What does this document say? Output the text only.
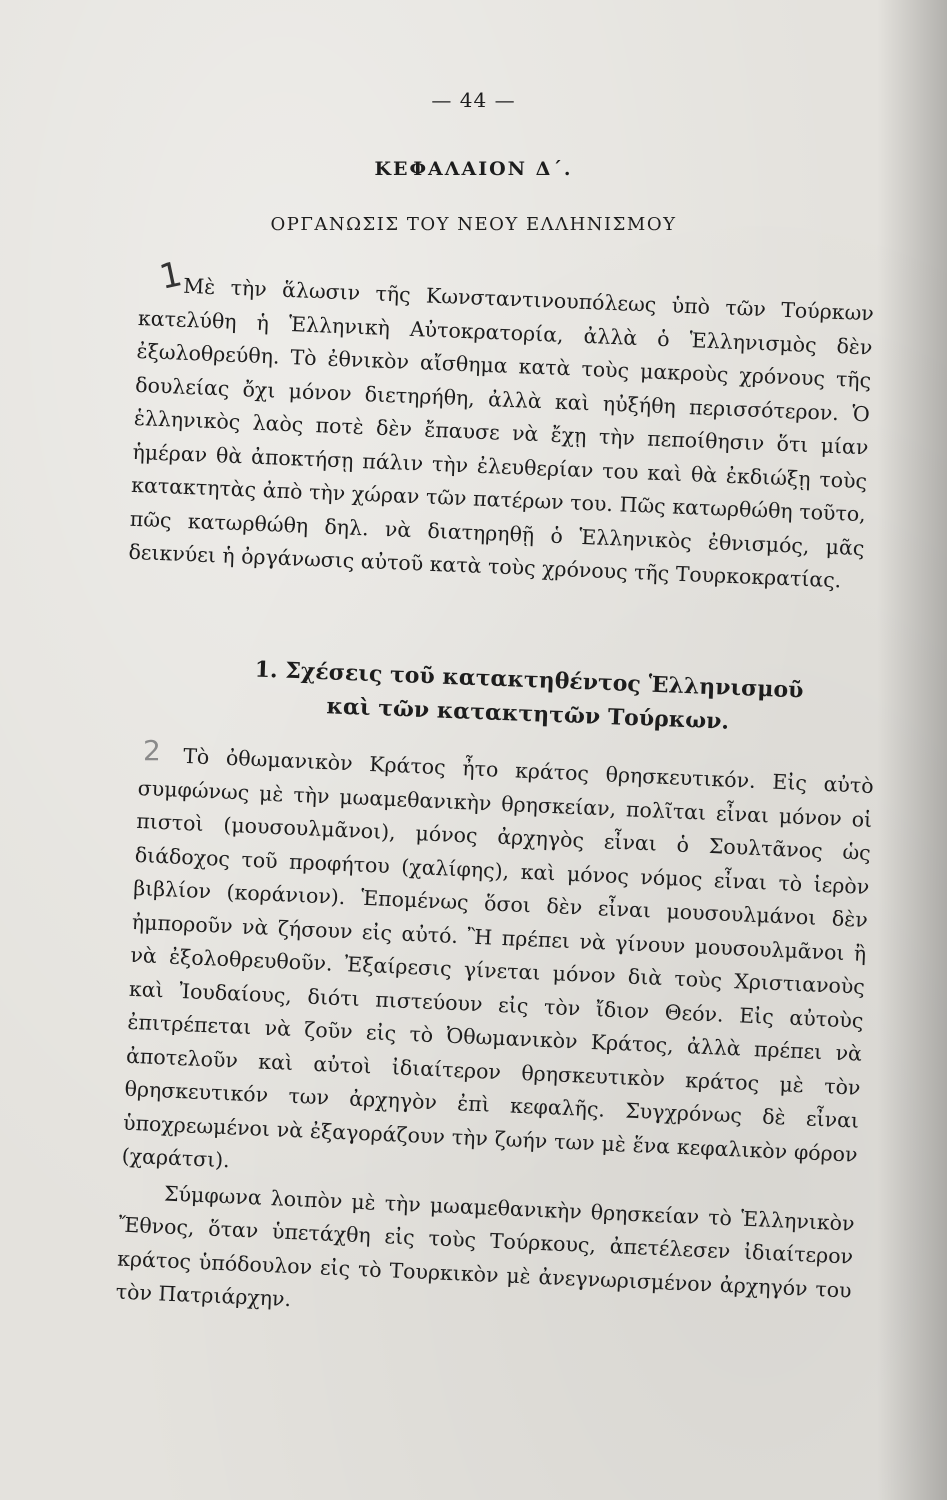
— 44 —
ΚΕΦΑΛΑΙΟΝ Δ΄.
ΟΡΓΑΝΩΣΙΣ ΤΟΥ ΝΕΟΥ ΕΛΛΗΝΙΣΜΟΥ
1

Μὲ τὴν ἅλωσιν τῆς Κωνσταντινουπόλεως ὑπὸ τῶν Τούρκων κατελύθη ἡ Ἑλληνικὴ Αὐτοκρατορία, ἀλλὰ ὁ Ἑλληνισμὸς δὲν ἐξωλοθρεύθη. Τὸ ἐθνικὸν αἴσθημα κατὰ τοὺς μακροὺς χρόνους τῆς δουλείας ὄχι μόνον διετηρήθη, ἀλλὰ καὶ ηὐξήθη περισσότερον. Ὁ ἑλληνικὸς λαὸς ποτὲ δὲν ἔπαυσε νὰ ἔχῃ τὴν πεποίθησιν ὅτι μίαν ἡμέραν θὰ ἀποκτήσῃ πάλιν τὴν ἐλευθερίαν του καὶ θὰ ἐκδιώξῃ τοὺς κατακτητὰς ἀπὸ τὴν χώραν τῶν πατέρων του. Πῶς κατωρθώθη τοῦτο, πῶς κατωρθώθη δηλ. νὰ διατηρηθῇ ὁ Ἑλληνικὸς ἐθνισμός, μᾶς δεικνύει ἡ ὀργάνωσις αὐτοῦ κατὰ τοὺς χρόνους τῆς Τουρκοκρατίας.

1. Σχέσεις τοῦ κατακτηθέντος Ἑλληνισμοῦ
καὶ τῶν κατακτητῶν Τούρκων.
2	Τὸ ὀθωμανικὸν Κράτος ἦτο κράτος θρησκευτικόν. Εἰς αὐτὸ συμφώνως μὲ τὴν μωαμεθανικὴν θρησκείαν, πολῖται εἶναι μόνον οἱ πιστοὶ (μουσουλμᾶνοι), μόνος ἀρχηγὸς εἶναι ὁ Σουλτᾶνος ὡς διάδοχος τοῦ προφήτου (χαλίφης), καὶ μόνος νόμος εἶναι τὸ ἱερὸν βιβλίον (κοράνιον). Ἑπομένως ὅσοι δὲν εἶναι μουσουλμάνοι δὲν ἠμποροῦν νὰ ζήσουν εἰς αὐτό. Ἢ πρέπει νὰ γίνουν μουσουλμᾶνοι ἢ νὰ ἐξολοθρευθοῦν. Ἐξαίρεσις γίνεται μόνον διὰ τοὺς Χριστιανοὺς καὶ Ἰουδαίους, διότι πιστεύουν εἰς τὸν ἴδιον Θεόν. Εἰς αὐτοὺς ἐπιτρέπεται νὰ ζοῦν εἰς τὸ Ὀθωμανικὸν Κράτος, ἀλλὰ πρέπει νὰ ἀποτελοῦν καὶ αὐτοὶ ἰδιαίτερον θρησκευτικὸν κράτος μὲ τὸν θρησκευτικόν των ἀρχηγὸν ἐπὶ κεφαλῆς. Συγχρόνως δὲ εἶναι ὑποχρεωμένοι νὰ ἐξαγοράζουν τὴν ζωήν των μὲ ἕνα κεφαλικὸν φόρον (χαράτσι).

Σύμφωνα λοιπὸν μὲ τὴν μωαμεθανικὴν θρησκείαν τὸ Ἑλληνικὸν Ἔθνος, ὅταν ὑπετάχθη εἰς τοὺς Τούρκους, ἀπετέλεσεν ἰδιαίτερον κράτος ὑπόδουλον εἰς τὸ Τουρκικὸν μὲ ἀνεγνωρισμένον ἀρχηγόν του τὸν Πατριάρχην.
